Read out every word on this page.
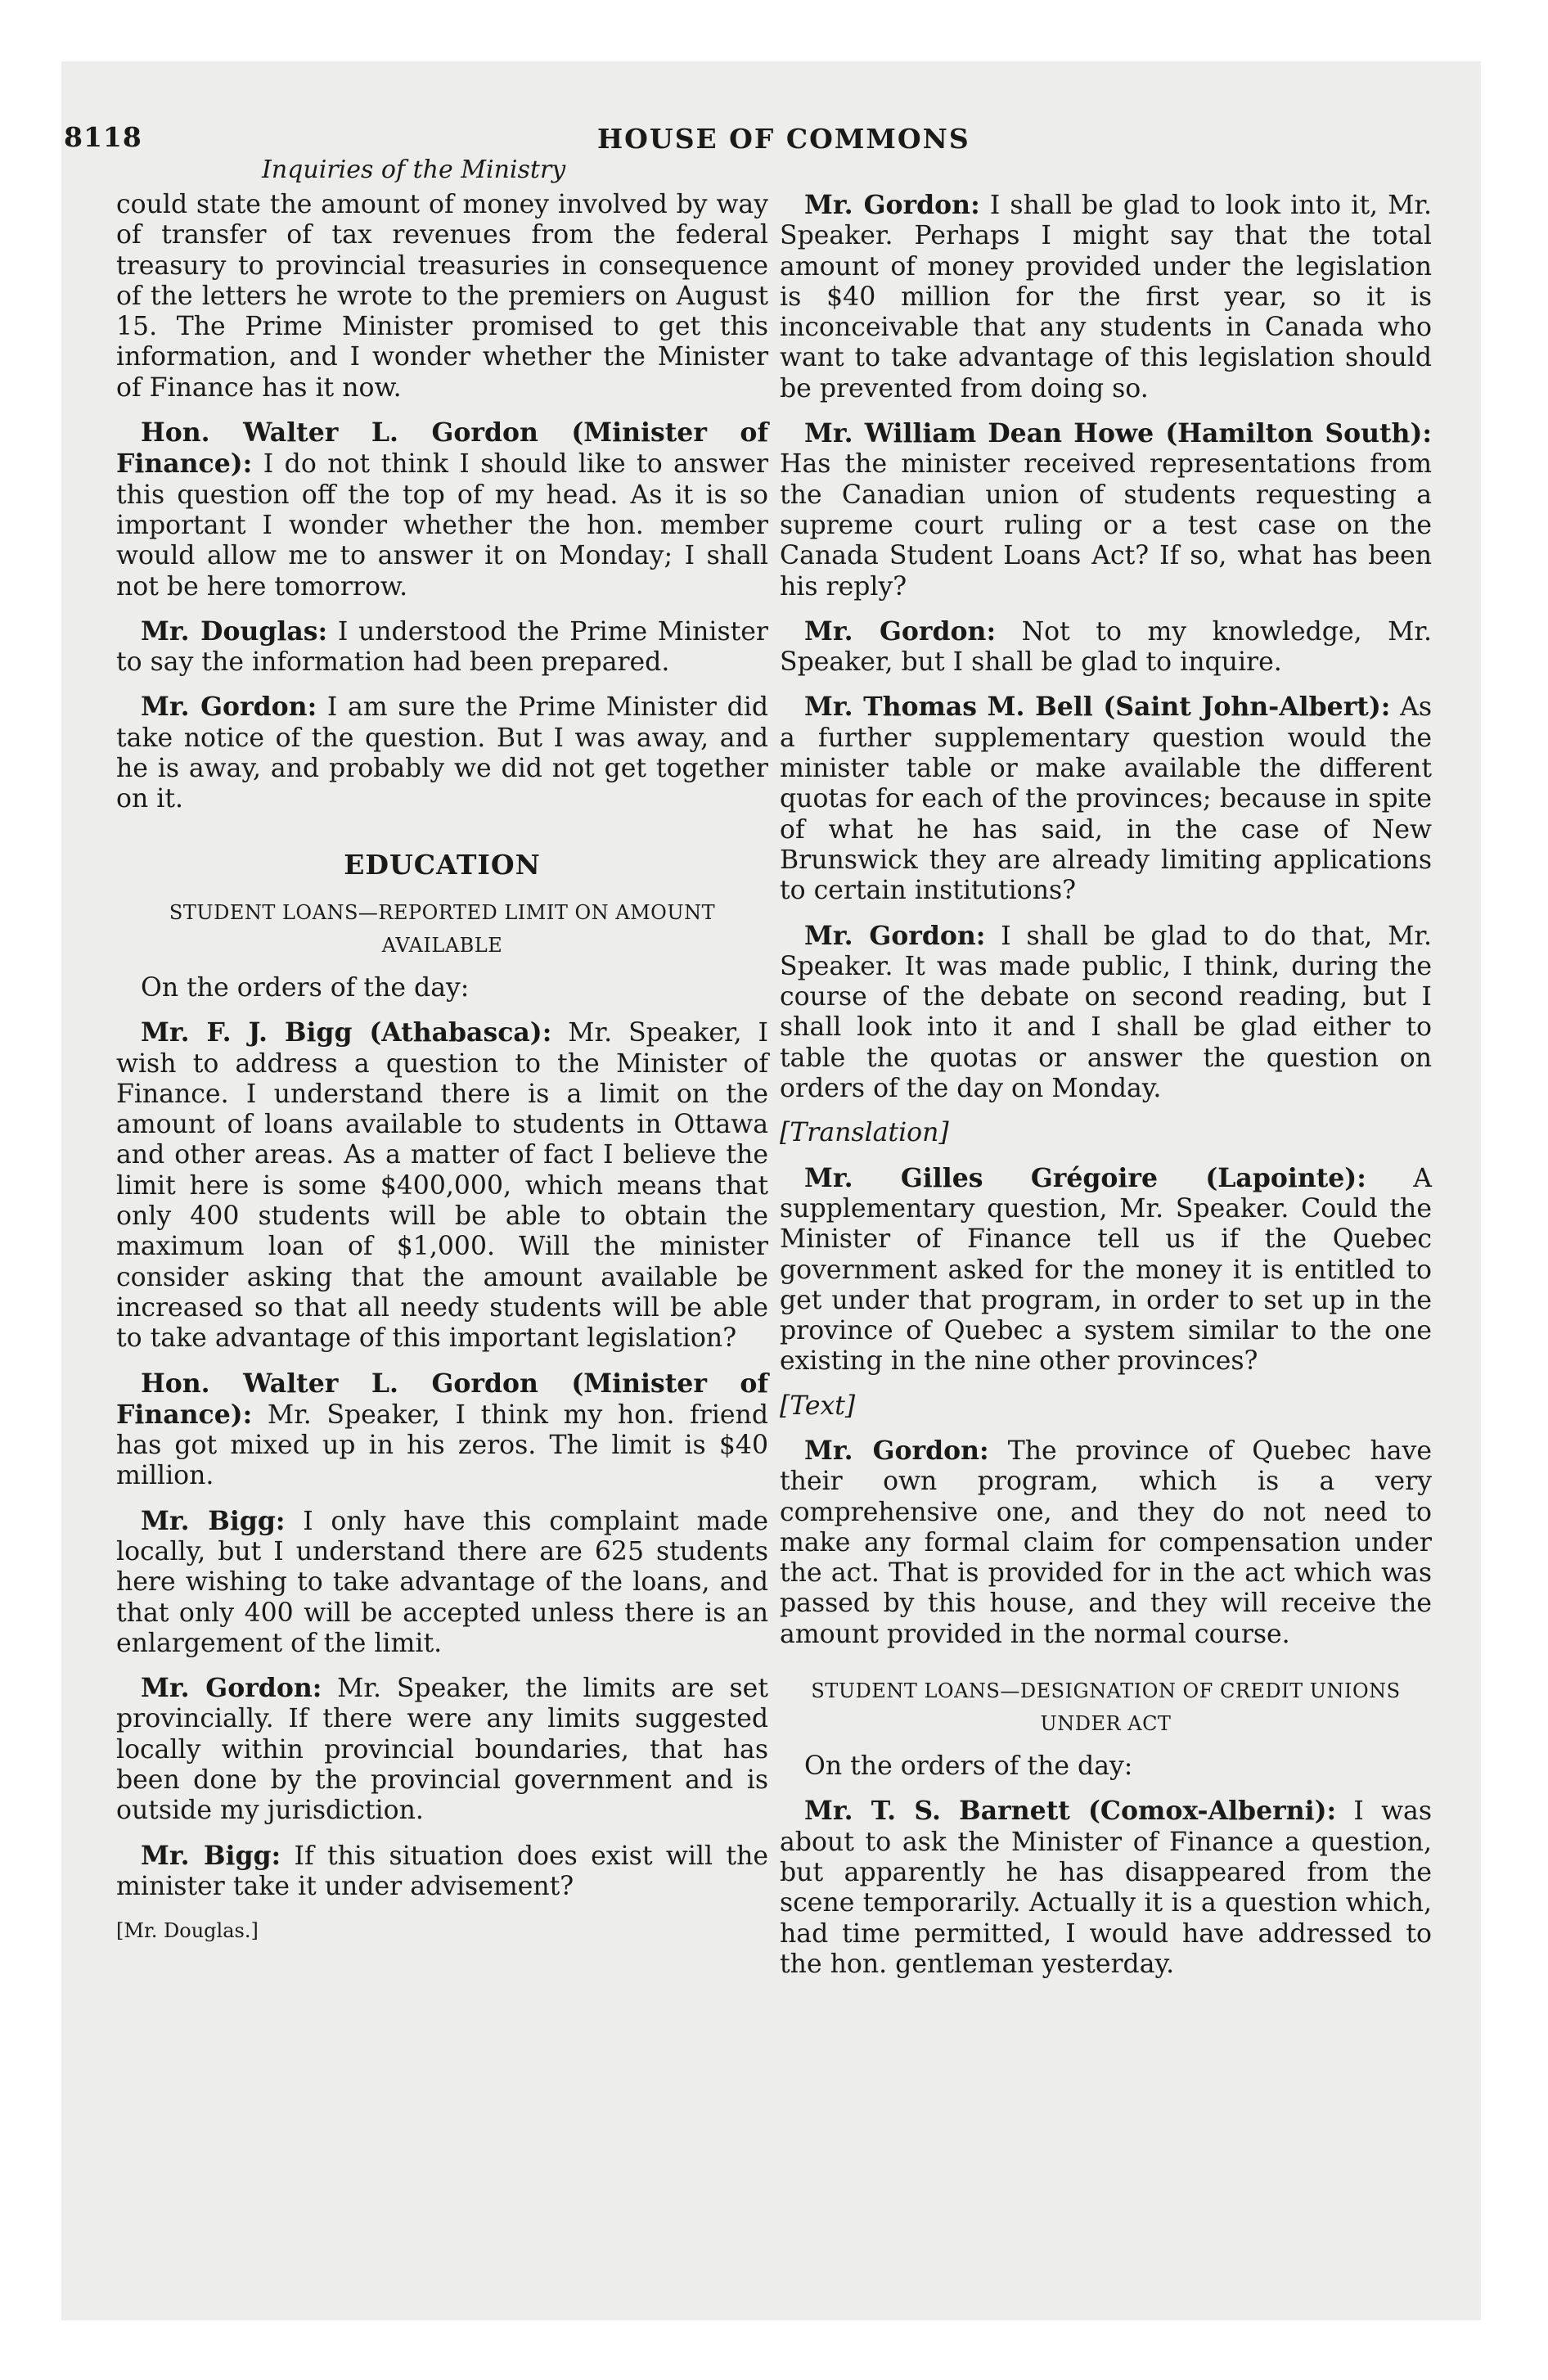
8118	HOUSE OF COMMONS
Inquiries of the Ministry

could state the amount of money involved by way of transfer of tax revenues from the federal treasury to provincial treasuries in consequence of the letters he wrote to the premiers on August 15. The Prime Minister promised to get this information, and I wonder whether the Minister of Finance has it now.

Hon. Walter L. Gordon (Minister of Finance): I do not think I should like to answer this question off the top of my head. As it is so important I wonder whether the hon. member would allow me to answer it on Monday; I shall not be here tomorrow.

Mr. Douglas: I understood the Prime Minister to say the information had been prepared.

Mr. Gordon: I am sure the Prime Minister did take notice of the question. But I was away, and he is away, and probably we did not get together on it.

EDUCATION
STUDENT LOANS—REPORTED LIMIT ON AMOUNT AVAILABLE

On the orders of the day:

Mr. F. J. Bigg (Athabasca): Mr. Speaker, I wish to address a question to the Minister of Finance. I understand there is a limit on the amount of loans available to students in Ottawa and other areas. As a matter of fact I believe the limit here is some $400,000, which means that only 400 students will be able to obtain the maximum loan of $1,000. Will the minister consider asking that the amount available be increased so that all needy students will be able to take advantage of this important legislation?

Hon. Walter L. Gordon (Minister of Finance): Mr. Speaker, I think my hon. friend has got mixed up in his zeros. The limit is $40 million.

Mr. Bigg: I only have this complaint made locally, but I understand there are 625 students here wishing to take advantage of the loans, and that only 400 will be accepted unless there is an enlargement of the limit.

Mr. Gordon: Mr. Speaker, the limits are set provincially. If there were any limits suggested locally within provincial boundaries, that has been done by the provincial government and is outside my jurisdiction.

Mr. Bigg: If this situation does exist will the minister take it under advisement?

[Mr. Douglas.]

Mr. Gordon: I shall be glad to look into it, Mr. Speaker. Perhaps I might say that the total amount of money provided under the legislation is $40 million for the first year, so it is inconceivable that any students in Canada who want to take advantage of this legislation should be prevented from doing so.

Mr. William Dean Howe (Hamilton South): Has the minister received representations from the Canadian union of students requesting a supreme court ruling or a test case on the Canada Student Loans Act? If so, what has been his reply?

Mr. Gordon: Not to my knowledge, Mr. Speaker, but I shall be glad to inquire.

Mr. Thomas M. Bell (Saint John-Albert): As a further supplementary question would the minister table or make available the different quotas for each of the provinces; because in spite of what he has said, in the case of New Brunswick they are already limiting applications to certain institutions?

Mr. Gordon: I shall be glad to do that, Mr. Speaker. It was made public, I think, during the course of the debate on second reading, but I shall look into it and I shall be glad either to table the quotas or answer the question on orders of the day on Monday.

[Translation]

Mr. Gilles Grégoire (Lapointe): A supplementary question, Mr. Speaker. Could the Minister of Finance tell us if the Quebec government asked for the money it is entitled to get under that program, in order to set up in the province of Quebec a system similar to the one existing in the nine other provinces?

[Text]

Mr. Gordon: The province of Quebec have their own program, which is a very comprehensive one, and they do not need to make any formal claim for compensation under the act. That is provided for in the act which was passed by this house, and they will receive the amount provided in the normal course.

STUDENT LOANS—DESIGNATION OF CREDIT UNIONS UNDER ACT

On the orders of the day:

Mr. T. S. Barnett (Comox-Alberni): I was about to ask the Minister of Finance a question, but apparently he has disappeared from the scene temporarily. Actually it is a question which, had time permitted, I would have addressed to the hon. gentleman yesterday.
